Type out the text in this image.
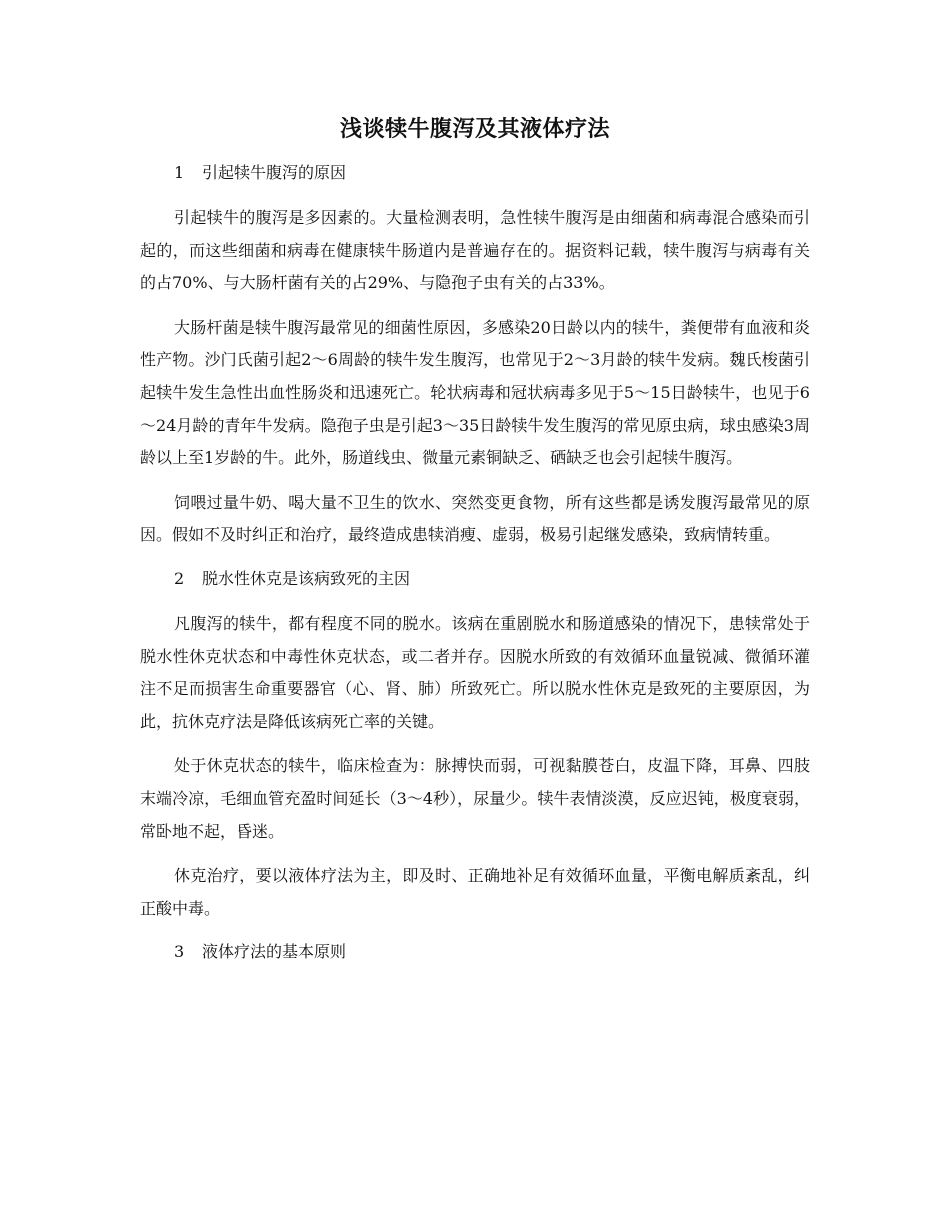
浅谈犊牛腹泻及其液体疗法
1 引起犊牛腹泻的原因

引起犊牛的腹泻是多因素的。大量检测表明，急性犊牛腹泻是由细菌和病毒混合感染而引起的，而这些细菌和病毒在健康犊牛肠道内是普遍存在的。据资料记载，犊牛腹泻与病毒有关的占70%、与大肠杆菌有关的占29%、与隐孢子虫有关的占33%。

大肠杆菌是犊牛腹泻最常见的细菌性原因，多感染20日龄以内的犊牛，粪便带有血液和炎性产物。沙门氏菌引起2～6周龄的犊牛发生腹泻，也常见于2～3月龄的犊牛发病。魏氏梭菌引起犊牛发生急性出血性肠炎和迅速死亡。轮状病毒和冠状病毒多见于5～15日龄犊牛，也见于6～24月龄的青年牛发病。隐孢子虫是引起3～35日龄犊牛发生腹泻的常见原虫病，球虫感染3周龄以上至1岁龄的牛。此外，肠道线虫、微量元素铜缺乏、硒缺乏也会引起犊牛腹泻。

饲喂过量牛奶、喝大量不卫生的饮水、突然变更食物，所有这些都是诱发腹泻最常见的原因。假如不及时纠正和治疗，最终造成患犊消瘦、虚弱，极易引起继发感染，致病情转重。

2 脱水性休克是该病致死的主因

凡腹泻的犊牛，都有程度不同的脱水。该病在重剧脱水和肠道感染的情况下，患犊常处于脱水性休克状态和中毒性休克状态，或二者并存。因脱水所致的有效循环血量锐减、微循环灌注不足而损害生命重要器官（心、肾、肺）所致死亡。所以脱水性休克是致死的主要原因，为此，抗休克疗法是降低该病死亡率的关键。

处于休克状态的犊牛，临床检查为：脉搏快而弱，可视黏膜苍白，皮温下降，耳鼻、四肢末端冷凉，毛细血管充盈时间延长（3～4秒），尿量少。犊牛表情淡漠，反应迟钝，极度衰弱，常卧地不起，昏迷。

休克治疗，要以液体疗法为主，即及时、正确地补足有效循环血量，平衡电解质紊乱，纠正酸中毒。

3 液体疗法的基本原则
